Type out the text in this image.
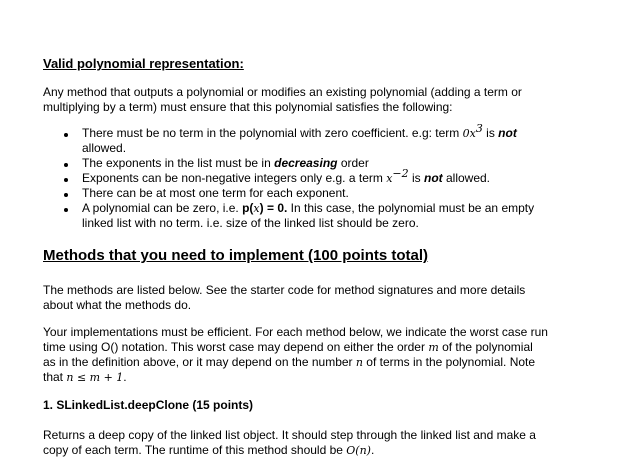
Valid polynomial representation:
Any method that outputs a polynomial or modifies an existing polynomial (adding a term or
multiplying by a term) must ensure that this polynomial satisfies the following:
There must be no term in the polynomial with zero coefficient. e.g: term $0x^3$ is not
allowed.
The exponents in the list must be in decreasing order
Exponents can be non-negative integers only e.g. a term $x^{-2}$ is not allowed.
There can be at most one term for each exponent.
A polynomial can be zero, i.e. p(x) = 0. In this case, the polynomial must be an empty
linked list with no term. i.e. size of the linked list should be zero.
Methods that you need to implement (100 points total)
The methods are listed below. See the starter code for method signatures and more details
about what the methods do.
Your implementations must be efficient. For each method below, we indicate the worst case run
time using O() notation. This worst case may depend on either the order m of the polynomial
as in the definition above, or it may depend on the number n of terms in the polynomial. Note
that n ≤ m + 1.
1. SLinkedList.deepClone (15 points)
Returns a deep copy of the linked list object. It should step through the linked list and make a
copy of each term. The runtime of this method should be O(n).
